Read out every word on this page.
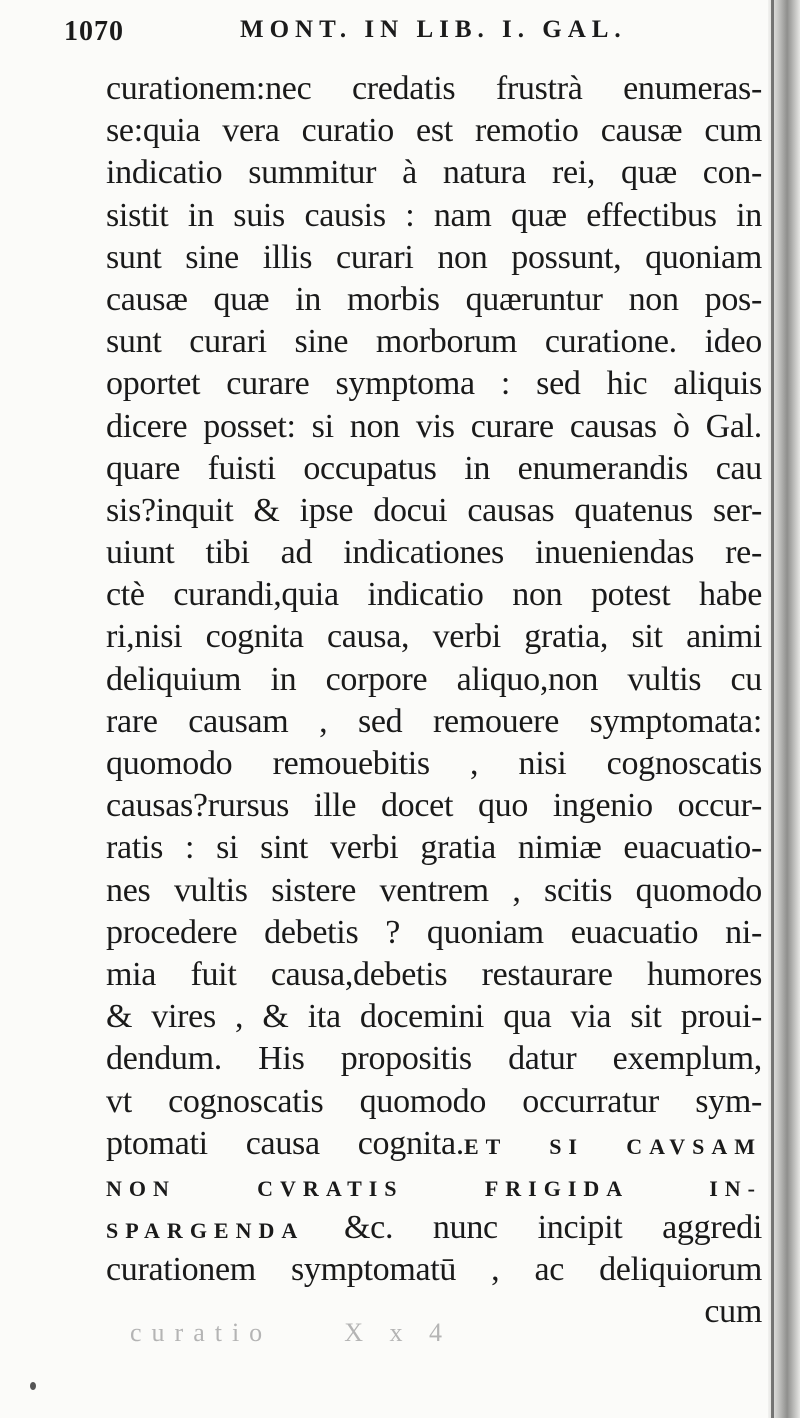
1070	MONT. IN LIB. I. GAL.
curationem:nec credatis frustrà enumeras-
se:quia vera curatio est remotio causæ cum
indicatio summitur à natura rei, quæ con-
sistit in suis causis : nam quæ effectibus in
sunt sine illis curari non possunt, quoniam
causæ quæ in morbis quæruntur non pos-
sunt curari sine morborum curatione. ideo
oportet curare symptoma : sed hic aliquis
dicere posset: si non vis curare causas ò Gal.
quare fuisti occupatus in enumerandis cau
sis?inquit & ipse docui causas quatenus ser-
uiunt tibi ad indicationes inueniendas re-
ctè curandi,quia indicatio non potest habe
ri,nisi cognita causa, verbi gratia, sit animi
deliquium in corpore aliquo,non vultis cu
rare causam , sed remouere symptomata:
quomodo remouebitis , nisi cognoscatis
causas?rursus ille docet quo ingenio occur-
ratis : si sint verbi gratia nimiæ euacuatio-
nes vultis sistere ventrem , scitis quomodo
procedere debetis ? quoniam euacuatio ni-
mia fuit causa,debetis restaurare humores
& vires , & ita docemini qua via sit proui-
dendum. His propositis datur exemplum,
vt cognoscatis quomodo occurratur sym-
ptomati causa cognita.ET SI CAVSAM
NON CVRATIS FRIGIDA IN-
SPARGENDA &c. nunc incipit aggredi
curationem symptomatū , ac deliquiorum
cum
curatio  	X x 4
